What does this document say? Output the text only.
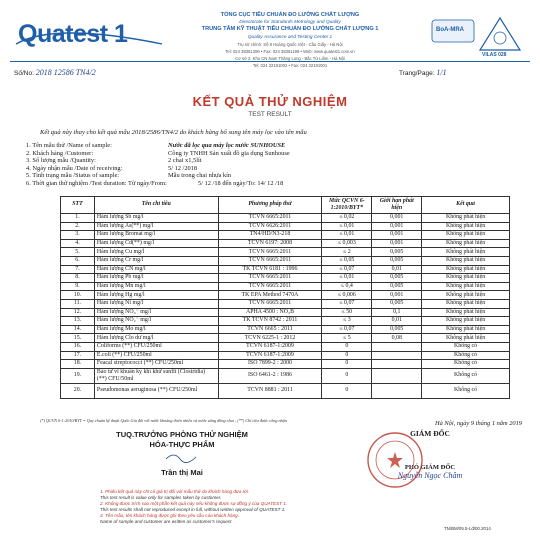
Quatest 1
TỔNG CỤC TIÊU CHUẨN ĐO LƯỜNG CHẤT LƯỢNG
Directorate for Standards Metrology and Quality
TRUNG TÂM KỸ THUẬT TIÊU CHUẨN ĐO LƯỜNG CHẤT LƯỢNG 1
Quality Assurance and Testing Center 1
Trụ sở chính: Số 8 Hoàng Quốc Việt - Cầu Giấy - Hà Nội
Tel: 024 38361399 • Fax: 024 38361199 • Web: www.quatest1.com.vn
Cơ sở 2: Khu CN Nam Thăng Long - Bắc Từ Liêm - Hà Nội
Tel: 024 32191002 • Fax: 024 32191001
BoA-MRA
VILAS 028
Số/No: 2018 12586 TN4/2	Trang/Page: 1/1
KẾT QUẢ THỬ NGHIỆM
TEST RESULT
Kết quả này thay cho kết quả mẫu 2018/2586/TN4/2 do khách hàng bổ sung tên máy lọc vào tên mẫu
1. Tên mẫu thử /Name of sample:	Nước đã lọc qua máy lọc nước SUNHOUSE
2. Khách hàng /Customer:	Công ty TNHH Sản xuất đồ gia dụng Sunhouse
3. Số lượng mẫu /Quantity:	2 chai x1,5lít
4. Ngày nhận mẫu /Date of receiving:	5/ 12 /2018
5. Tình trạng mẫu /Status of sample:	Mẫu trong chai nhựa kín
6. Thời gian thử nghiệm /Test duration: Từ ngày/From:	5/ 12 /18 đến ngày/To: 14/ 12 /18
STT	Tên chỉ tiêu	Phương pháp thử	Mức QCVN 6-1:2010/BYT*	Giới hạn phát hiện	Kết quả
1.	Hàm lượng Sb mg/l	TCVN 6665:2011	≤ 0,02	0,001	Không phát hiện
2.	Hàm lượng As(**) mg/l	TCVN 6626:2011	≤ 0,01	0,001	Không phát hiện
3.	Hàm lượng Bromat mg/l	TN4/HD/N3-218	≤ 0,01	0,001	Không phát hiện
4.	Hàm lượng Cd(**) mg/l	TCVN 6197: 2008	≤ 0,003	0,001	Không phát hiện
5.	Hàm lượng Cu mg/l	TCVN 6665:2011	≤ 2	0,005	Không phát hiện
6.	Hàm lượng Cr mg/l	TCVN 6665:2011	≤ 0,05	0,005	Không phát hiện
7.	Hàm lượng CN mg/l	TK TCVN 6181 : 1996	≤ 0,07	0,01	Không phát hiện
8.	Hàm lượng Pb mg/l	TCVN 6665:2011	≤ 0,01	0,005	Không phát hiện
9.	Hàm lượng Mn mg/l	TCVN 6665:2011	≤ 0,4	0,005	Không phát hiện
10.	Hàm lượng Hg mg/l	TK EPA Method 7470A	≤ 0,006	0,001	Không phát hiện
11.	Hàm lượng Ni mg/l	TCVN 6665:2011	≤ 0,07	0,005	Không phát hiện
12.	Hàm lượng NO₃⁻ mg/l	APHA 4500 : NO₃B	≤ 50	0,1	Không phát hiện
13.	Hàm lượng NO₂⁻ mg/l	TK TCVN 8742 : 2011	≤ 3	0,01	Không phát hiện
14.	Hàm lượng Mo mg/l	TCVN 6665 : 2011	≤ 0,07	0,005	Không phát hiện
15.	Hàm lượng Clo dư mg/l	TCVN 6225-1 : 2012	≤ 5	0,08	Không phát hiện
16.	Coliforms (**) CFU/250ml	TCVN 6187-1:2009	0		Không có
17.	E.coli (**) CFU/250ml	TCVN 6187-1:2009	0		Không có
18.	Feacal streptococci (**) CFU/250ml	ISO 7899-2 : 2000	0		Không có
19.	Bào tử vi khuẩn kỵ khí khử sunfit (Clostridia) (**) CFU/50ml	ISO 6461-2 : 1986	0		Không có
20.	Pseudomonas aeruginosa (**) CFU/250ml	TCVN 8881 : 2011	0		Không có
(*) QCVN 6-1:2010/BYT = Quy chuẩn kỹ thuật Quốc Gia đối với nước khoáng thiên nhiên và nước uống đóng chai ; (**) Chỉ tiêu được công nhận
TUQ.TRƯỞNG PHÒNG THỬ NGHIỆM
HÓA-THỰC PHẨM
Trần thị Mai
Hà Nội, ngày 9 tháng 1 năm 2019
GIÁM ĐỐC
PHÓ GIÁM ĐỐC
Nguyễn Ngọc Châm
1. Phiếu kết quả này chỉ có giá trị đối với mẫu thử do khách hàng đưa tới.
This test result is value only for samples taken by customer.
2. Không được trích sao một phần kết quả này nếu không được sự đồng ý của QUATEST 1.
This test results shall not reproduced except in full, without written approval of QUATEST 1.
3. Tên mẫu, tên khách hàng được ghi theo yêu cầu của khách hàng.
Name of sample and customer are written as customer's request
TN/BM/05.5-Lđ/00.2014
